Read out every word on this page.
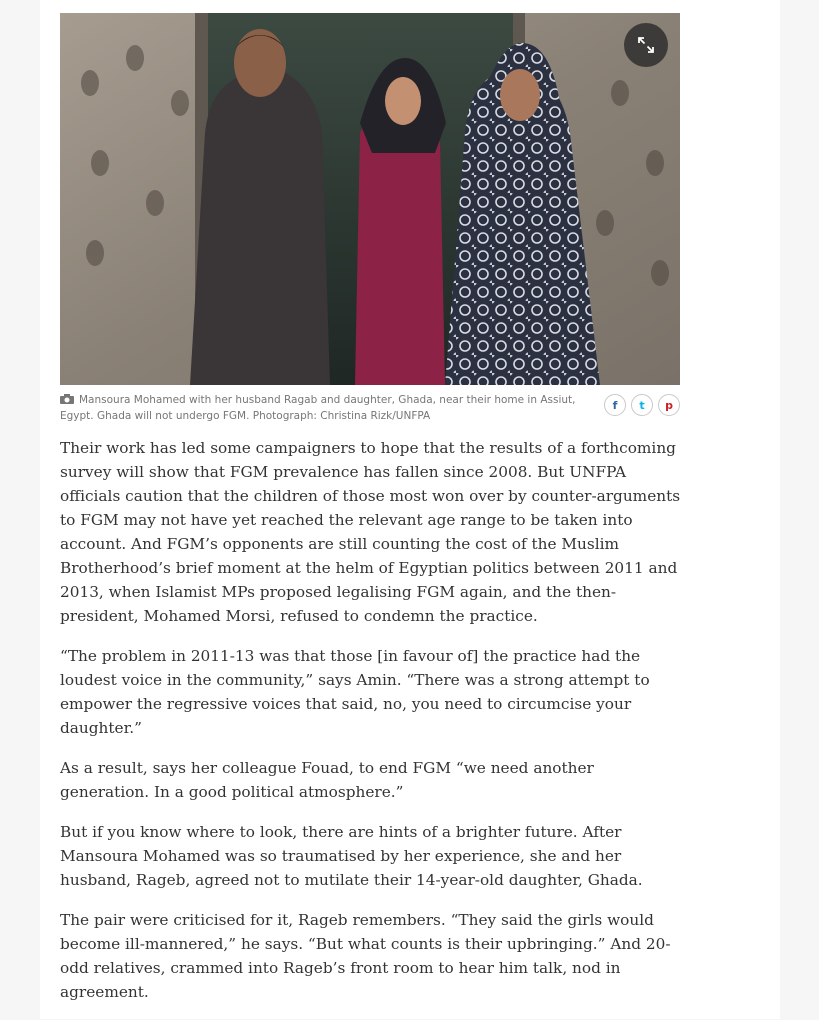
Mansoura Mohamed with her husband Ragab and daughter, Ghada, near their home in Assiut, Egypt. Ghada will not undergo FGM. Photograph: Christina Rizk/UNFPA
f t p

Their work has led some campaigners to hope that the results of a forthcoming survey will show that FGM prevalence has fallen since 2008. But UNFPA officials caution that the children of those most won over by counter-arguments to FGM may not have yet reached the relevant age range to be taken into account. And FGM’s opponents are still counting the cost of the Muslim Brotherhood’s brief moment at the helm of Egyptian politics between 2011 and 2013, when Islamist MPs proposed legalising FGM again, and the then-president, Mohamed Morsi, refused to condemn the practice.

“The problem in 2011-13 was that those [in favour of] the practice had the loudest voice in the community,” says Amin. “There was a strong attempt to empower the regressive voices that said, no, you need to circumcise your daughter.”

As a result, says her colleague Fouad, to end FGM “we need another generation. In a good political atmosphere.”

But if you know where to look, there are hints of a brighter future. After Mansoura Mohamed was so traumatised by her experience, she and her husband, Rageb, agreed not to mutilate their 14-year-old daughter, Ghada.

The pair were criticised for it, Rageb remembers. “They said the girls would become ill-mannered,” he says. “But what counts is their upbringing.” And 20-odd relatives, crammed into Rageb’s front room to hear him talk, nod in agreement.
